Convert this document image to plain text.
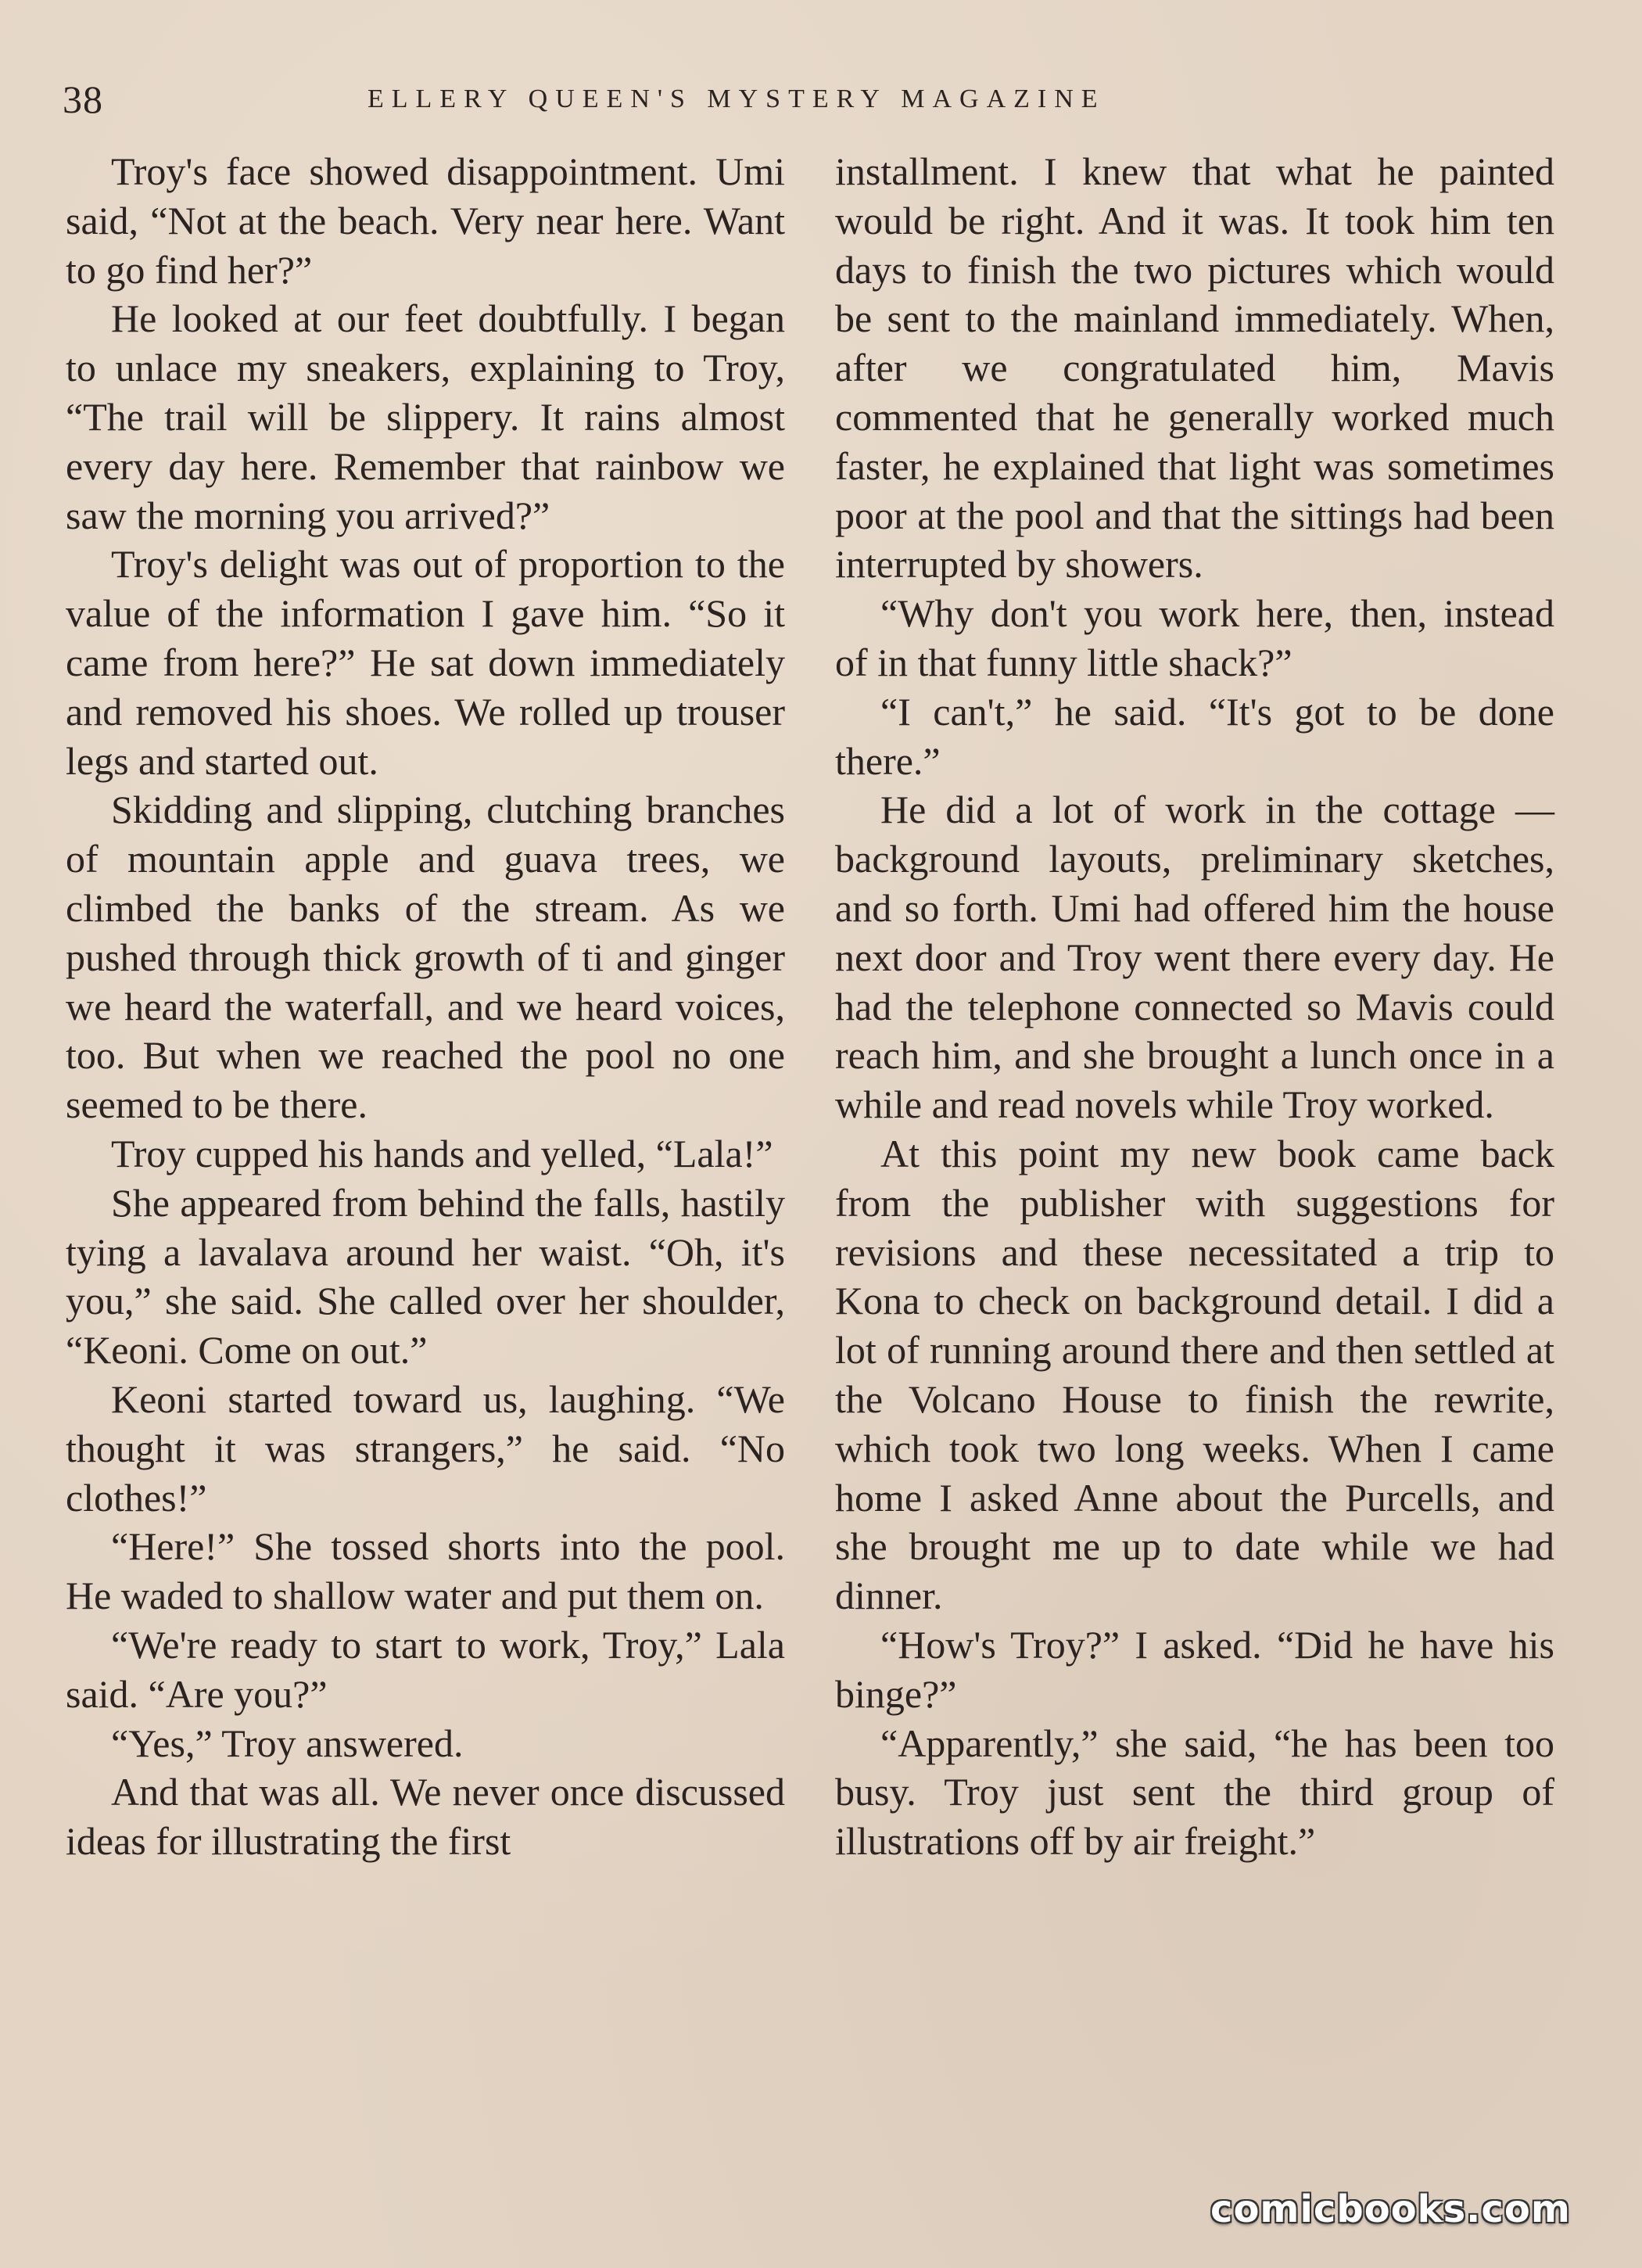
38	ELLERY QUEEN'S MYSTERY MAGAZINE

Troy's face showed disappointment. Umi said, “Not at the beach. Very near here. Want to go find her?”

He looked at our feet doubtfully. I began to unlace my sneakers, explaining to Troy, “The trail will be slippery. It rains almost every day here. Remember that rainbow we saw the morning you arrived?”

Troy's delight was out of proportion to the value of the information I gave him. “So it came from here?” He sat down immediately and removed his shoes. We rolled up trouser legs and started out.

Skidding and slipping, clutching branches of mountain apple and guava trees, we climbed the banks of the stream. As we pushed through thick growth of ti and ginger we heard the waterfall, and we heard voices, too. But when we reached the pool no one seemed to be there.

Troy cupped his hands and yelled, “Lala!”

She appeared from behind the falls, hastily tying a lavalava around her waist. “Oh, it's you,” she said. She called over her shoulder, “Keoni. Come on out.”

Keoni started toward us, laughing. “We thought it was strangers,” he said. “No clothes!”

“Here!” She tossed shorts into the pool. He waded to shallow water and put them on.

“We're ready to start to work, Troy,” Lala said. “Are you?”

“Yes,” Troy answered.

And that was all. We never once discussed ideas for illustrating the first

installment. I knew that what he painted would be right. And it was. It took him ten days to finish the two pictures which would be sent to the mainland immediately. When, after we congratulated him, Mavis commented that he generally worked much faster, he explained that light was sometimes poor at the pool and that the sittings had been interrupted by showers.

“Why don't you work here, then, instead of in that funny little shack?”

“I can't,” he said. “It's got to be done there.”

He did a lot of work in the cottage — background layouts, preliminary sketches, and so forth. Umi had offered him the house next door and Troy went there every day. He had the telephone connected so Mavis could reach him, and she brought a lunch once in a while and read novels while Troy worked.

At this point my new book came back from the publisher with suggestions for revisions and these necessitated a trip to Kona to check on background detail. I did a lot of running around there and then settled at the Volcano House to finish the rewrite, which took two long weeks. When I came home I asked Anne about the Purcells, and she brought me up to date while we had dinner.

“How's Troy?” I asked. “Did he have his binge?”

“Apparently,” she said, “he has been too busy. Troy just sent the third group of illustrations off by air freight.”

comicbooks.com
